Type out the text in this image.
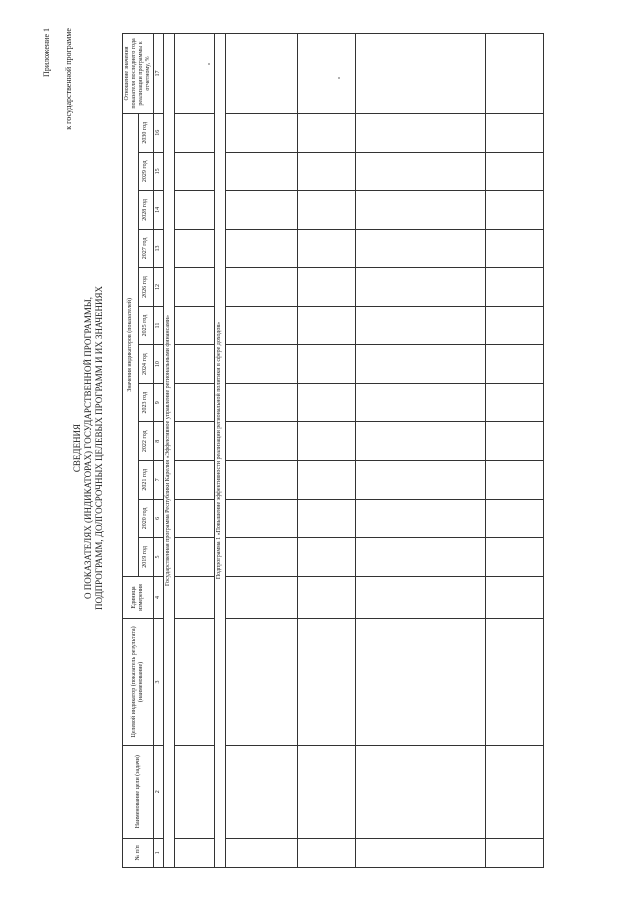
Приложение 1 к государственной программе
СВЕДЕНИЯ О ПОКАЗАТЕЛЯХ (ИНДИКАТОРАХ) ГОСУДАРСТВЕННОЙ ПРОГРАММЫ, ПОДПРОГРАММ, ДОЛГОСРОЧНЫХ ЦЕЛЕВЫХ ПРОГРАММ И ИХ ЗНАЧЕНИЯХ
№ п/п	Наименование цели (задачи)	Целевой индикатор (показатель результата) (наименование)	Единица измерения	Значения индикаторов (показателей)												Отношение значения показателя последнего года реализации программы к отчетному, %
				2019 год	2020 год	2021 год	2022 год	2023 год	2024 год	2025 год	2026 год	2027 год	2028 год	2029 год	2030 год	
1	2	3	4	5	6	7	8	9	10	11	12	13	14	15	16	17
Государственная программа Республики Карелия «Эффективное управление региональными финансами»																

Подпрограмма 1 «Повышение эффективности реализации региональной политики в сфере доходов»																
